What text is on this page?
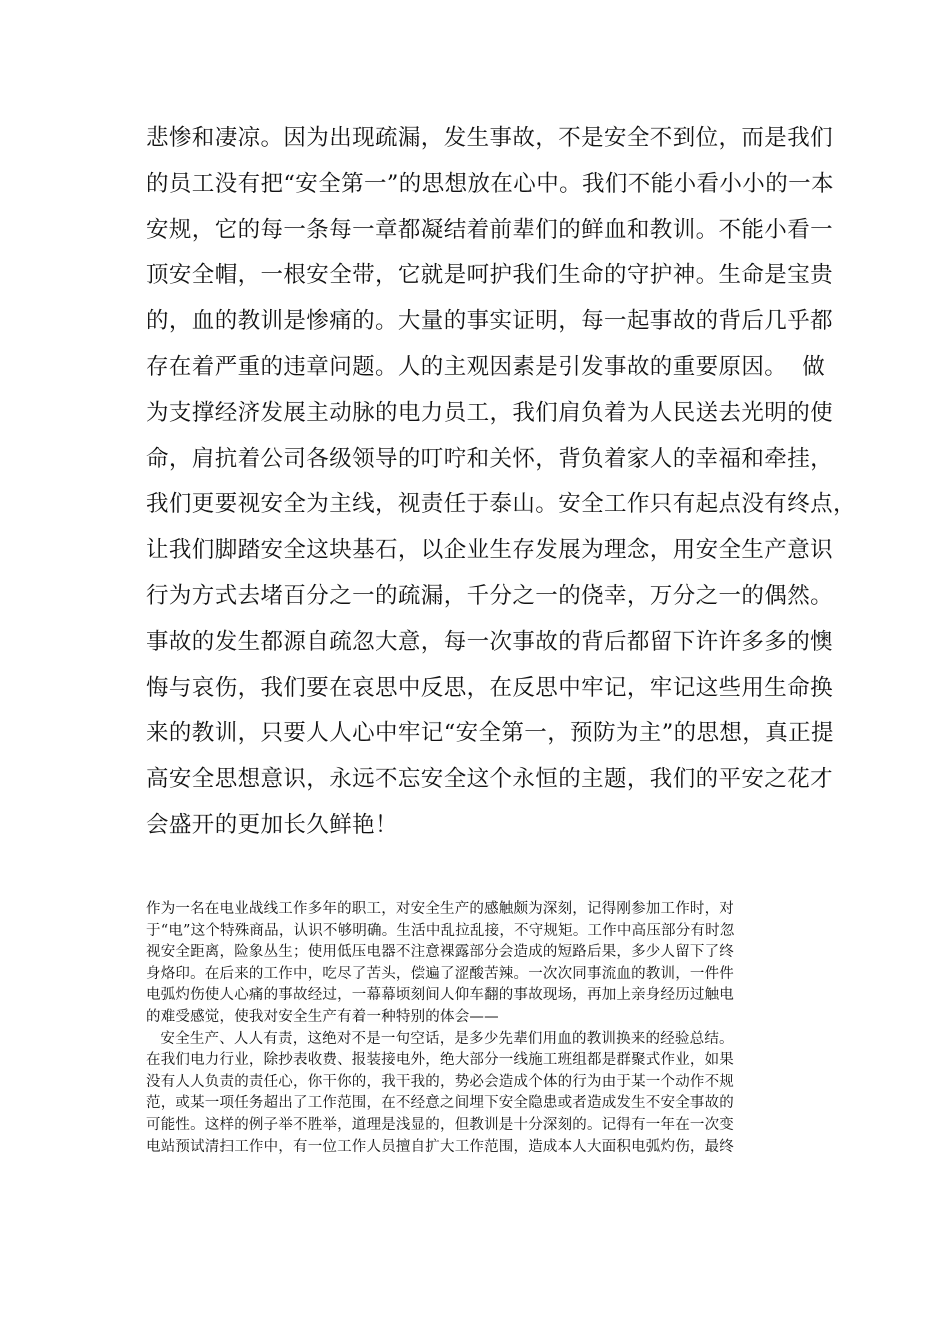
悲惨和凄凉。因为出现疏漏，发生事故，不是安全不到位，而是我们
的员工没有把“安全第一”的思想放在心中。我们不能小看小小的一本
安规，它的每一条每一章都凝结着前辈们的鲜血和教训。不能小看一
顶安全帽，一根安全带，它就是呵护我们生命的守护神。生命是宝贵
的，血的教训是惨痛的。大量的事实证明，每一起事故的背后几乎都
存在着严重的违章问题。人的主观因素是引发事故的重要原因。  做
为支撑经济发展主动脉的电力员工，我们肩负着为人民送去光明的使
命，肩抗着公司各级领导的叮咛和关怀，背负着家人的幸福和牵挂，
我们更要视安全为主线，视责任于泰山。安全工作只有起点没有终点，
让我们脚踏安全这块基石，以企业生存发展为理念，用安全生产意识
行为方式去堵百分之一的疏漏，千分之一的侥幸，万分之一的偶然。
事故的发生都源自疏忽大意，每一次事故的背后都留下许许多多的懊
悔与哀伤，我们要在哀思中反思，在反思中牢记，牢记这些用生命换
来的教训，只要人人心中牢记“安全第一，预防为主”的思想，真正提
高安全思想意识，永远不忘安全这个永恒的主题，我们的平安之花才
会盛开的更加长久鲜艳！
作为一名在电业战线工作多年的职工，对安全生产的感触颇为深刻，记得刚参加工作时，对
于“电”这个特殊商品，认识不够明确。生活中乱拉乱接，不守规矩。工作中高压部分有时忽
视安全距离，险象丛生；使用低压电器不注意裸露部分会造成的短路后果，多少人留下了终
身烙印。在后来的工作中，吃尽了苦头，偿遍了涩酸苦辣。一次次同事流血的教训，一件件
电弧灼伤使人心痛的事故经过，一幕幕顷刻间人仰车翻的事故现场，再加上亲身经历过触电
的难受感觉，使我对安全生产有着一种特别的体会——
安全生产、人人有责，这绝对不是一句空话，是多少先辈们用血的教训换来的经验总结。
在我们电力行业，除抄表收费、报装接电外，绝大部分一线施工班组都是群聚式作业，如果
没有人人负责的责任心，你干你的，我干我的，势必会造成个体的行为由于某一个动作不规
范，或某一项任务超出了工作范围，在不经意之间埋下安全隐患或者造成发生不安全事故的
可能性。这样的例子举不胜举，道理是浅显的，但教训是十分深刻的。记得有一年在一次变
电站预试清扫工作中，有一位工作人员擅自扩大工作范围，造成本人大面积电弧灼伤，最终
